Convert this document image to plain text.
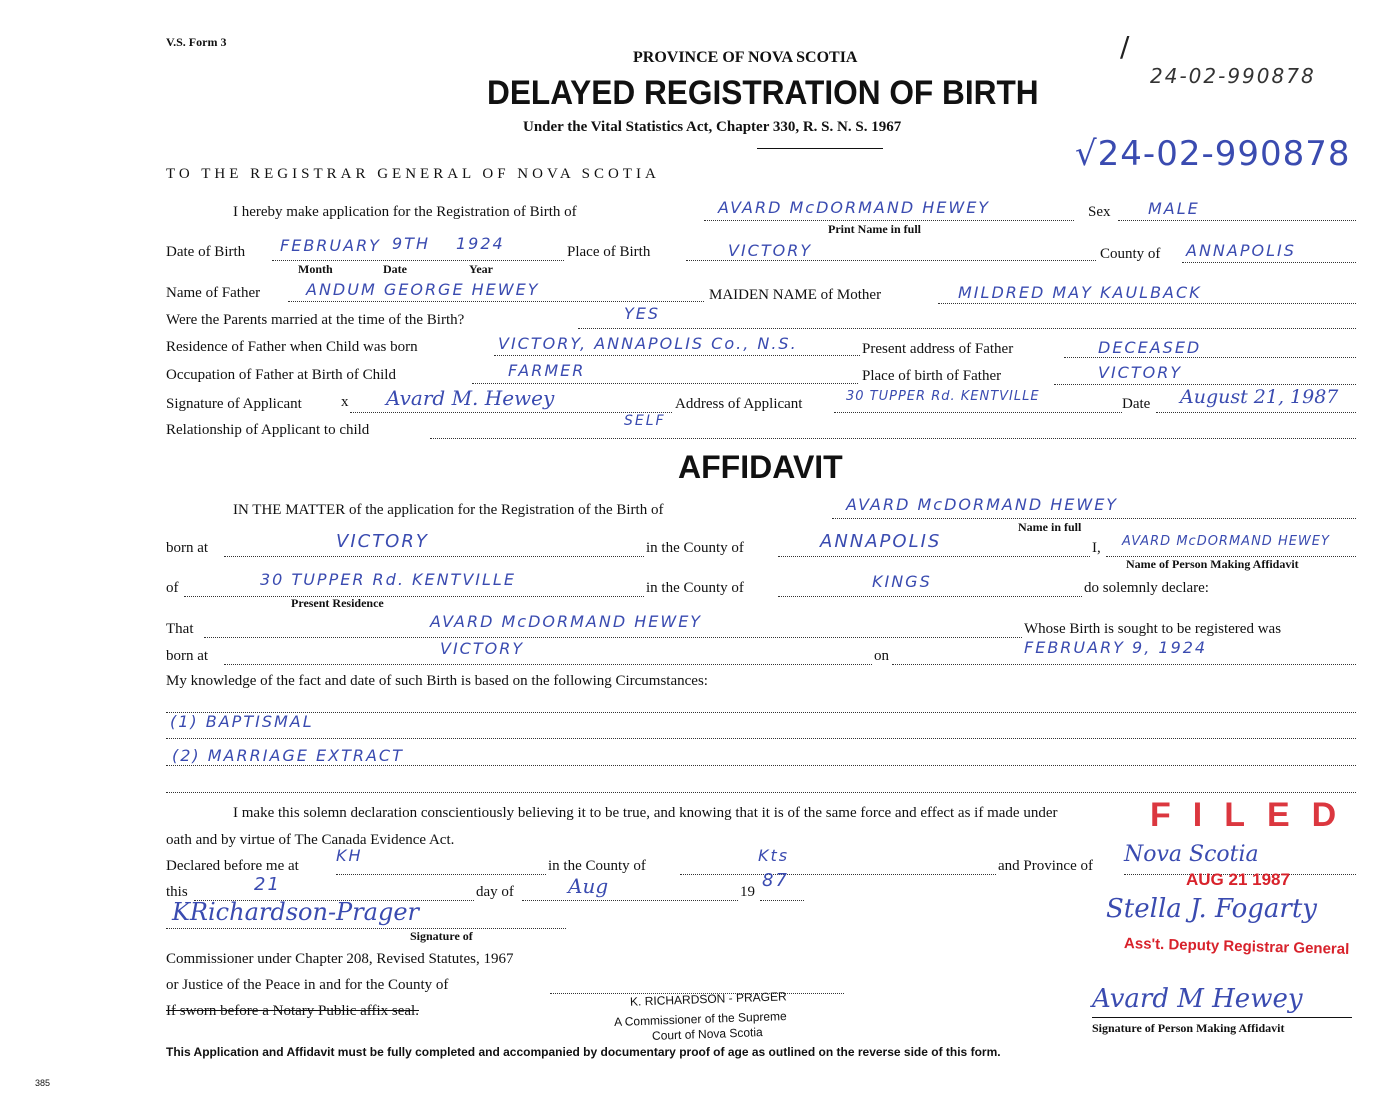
V.S. Form 3
PROVINCE OF NOVA SCOTIA
DELAYED REGISTRATION OF BIRTH
Under the Vital Statistics Act, Chapter 330, R. S. N. S. 1967
/
24-02-990878
√24-02-990878
TO THE REGISTRAR GENERAL OF NOVA SCOTIA
I hereby make application for the Registration of Birth of	AVARD McDORMAND HEWEY
Print Name in full
Sex MALE
Date of Birth FEBRUARY 9TH 1924
Month	Date	Year
Place of Birth	VICTORY	County of ANNAPOLIS
Name of Father	ANDUM GEORGE HEWEY	MAIDEN NAME of Mother	MILDRED MAY KAULBACK
Were the Parents married at the time of the Birth?	YES
Residence of Father when Child was born	VICTORY, ANNAPOLIS Co., N.S.	Present address of Father	DECEASED
Occupation of Father at Birth of Child	FARMER	Place of birth of Father	VICTORY
Signature of Applicant	x Avard M. Hewey	Address of Applicant	30 TUPPER Rd. KENTVILLE	Date August 21, 1987
Relationship of Applicant to child
SELF
AFFIDAVIT
IN THE MATTER of the application for the Registration of the Birth of	AVARD McDORMAND HEWEY
Name in full
born at	VICTORY	in the County of	ANNAPOLIS	I, AVARD McDORMAND HEWEY
Name of Person Making Affidavit
of	30 TUPPER Rd. KENTVILLE
Present Residence
in the County of	KINGS	do solemnly declare:
That	AVARD McDORMAND HEWEY	Whose Birth is sought to be registered was
born at	VICTORY	on	FEBRUARY 9, 1924
My knowledge of the fact and date of such Birth is based on the following Circumstances:
(1) BAPTISMAL
(2) MARRIAGE EXTRACT
I make this solemn declaration conscientiously believing it to be true, and knowing that it is of the same force and effect as if made under
oath and by virtue of The Canada Evidence Act.
Declared before me at
KH
in the County of
Kts
and Province of Nova Scotia
this	21	day of	Aug	19
87
KRichardson-Prager
Signature of
Commissioner under Chapter 208, Revised Statutes, 1967
or Justice of the Peace in and for the County of
If sworn before a Notary Public affix seal.
K. RICHARDSON - PRAGER
A Commissioner of the Supreme
Court of Nova Scotia
FILED
AUG 21 1987
Stella J. Fogarty
Ass't. Deputy Registrar General
Avard M Hewey
Signature of Person Making Affidavit
This Application and Affidavit must be fully completed and accompanied by documentary proof of age as outlined on the reverse side of this form.
385
